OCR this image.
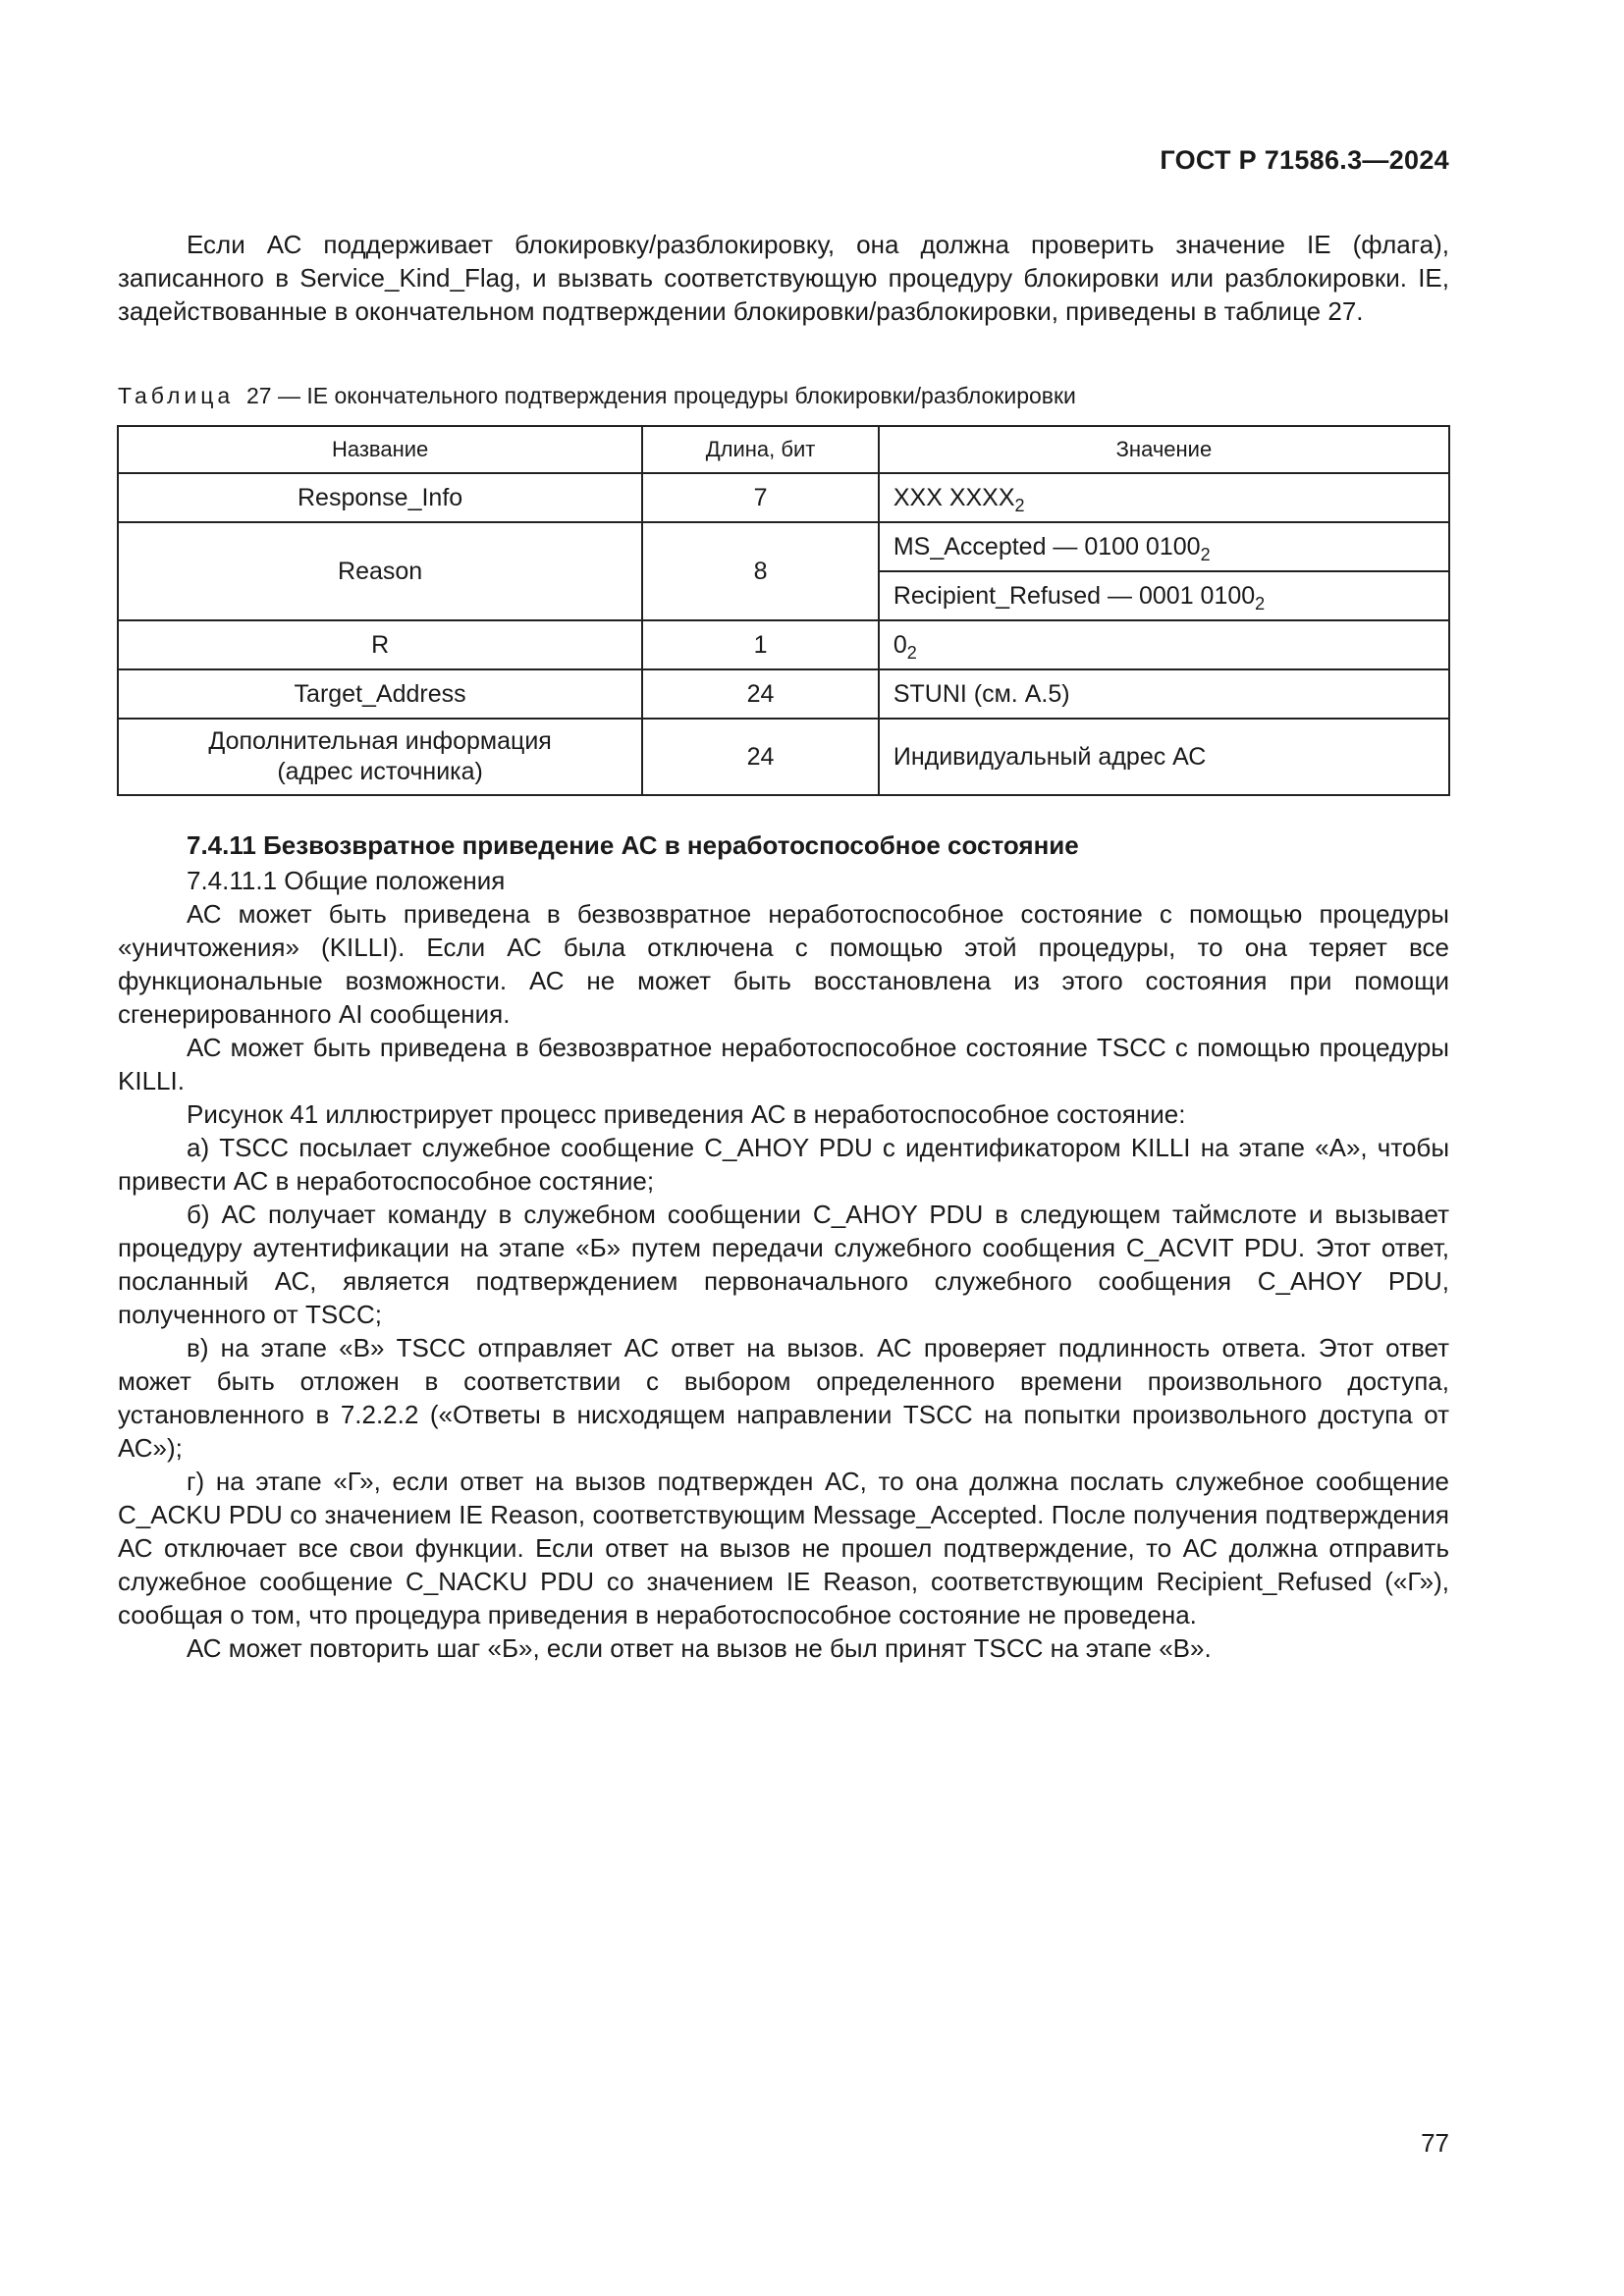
ГОСТ Р 71586.3—2024

Если АС поддерживает блокировку/разблокировку, она должна проверить значение IE (флага), записанного в Service_Kind_Flag, и вызвать соответствующую процедуру блокировки или разблокировки. IE, задействованные в окончательном подтверждении блокировки/разблокировки, приведены в таблице 27.

Таблица 27 — IE окончательного подтверждения процедуры блокировки/разблокировки
Название	Длина, бит	Значение
Response_Info	7	XXX $XXXX_2$
Reason	8	MS_Accepted — 0100 $0100_2$
		Recipient_Refused — 0001 $0100_2$
R	1	$0_2$
Target_Address	24	STUNI (см. А.5)
Дополнительная информация
(адрес источника)	24	Индивидуальный адрес АС
7.4.11 Безвозвратное приведение АС в неработоспособное состояние

7.4.11.1 Общие положения

АС может быть приведена в безвозвратное неработоспособное состояние с помощью процедуры «уничтожения» (KILLI). Если АС была отключена с помощью этой процедуры, то она теряет все функциональные возможности. АС не может быть восстановлена из этого состояния при помощи сгенерированного AI сообщения.

АС может быть приведена в безвозвратное неработоспособное состояние TSCC с помощью процедуры KILLI.

Рисунок 41 иллюстрирует процесс приведения АС в неработоспособное состояние:

а) TSCC посылает служебное сообщение C_AHOY PDU с идентификатором KILLI на этапе «А», чтобы привести АС в неработоспособное состяние;

б) АС получает команду в служебном сообщении C_AHOY PDU в следующем таймслоте и вызывает процедуру аутентификации на этапе «Б» путем передачи служебного сообщения C_ACVIT PDU. Этот ответ, посланный АС, является подтверждением первоначального служебного сообщения C_AHOY PDU, полученного от TSCC;

в) на этапе «В» TSCC отправляет АС ответ на вызов. АС проверяет подлинность ответа. Этот ответ может быть отложен в соответствии с выбором определенного времени произвольного доступа, установленного в 7.2.2.2 («Ответы в нисходящем направлении TSCC на попытки произвольного доступа от АС»);

г) на этапе «Г», если ответ на вызов подтвержден АС, то она должна послать служебное сообщение C_ACKU PDU со значением IE Reason, соответствующим Message_Accepted. После получения подтверждения АС отключает все свои функции. Если ответ на вызов не прошел подтверждение, то АС должна отправить служебное сообщение C_NACKU PDU со значением IE Reason, соответствующим Recipient_Refused («Г»), сообщая о том, что процедура приведения в неработоспособное состояние не проведена.

АС может повторить шаг «Б», если ответ на вызов не был принят TSCC на этапе «В».

77
